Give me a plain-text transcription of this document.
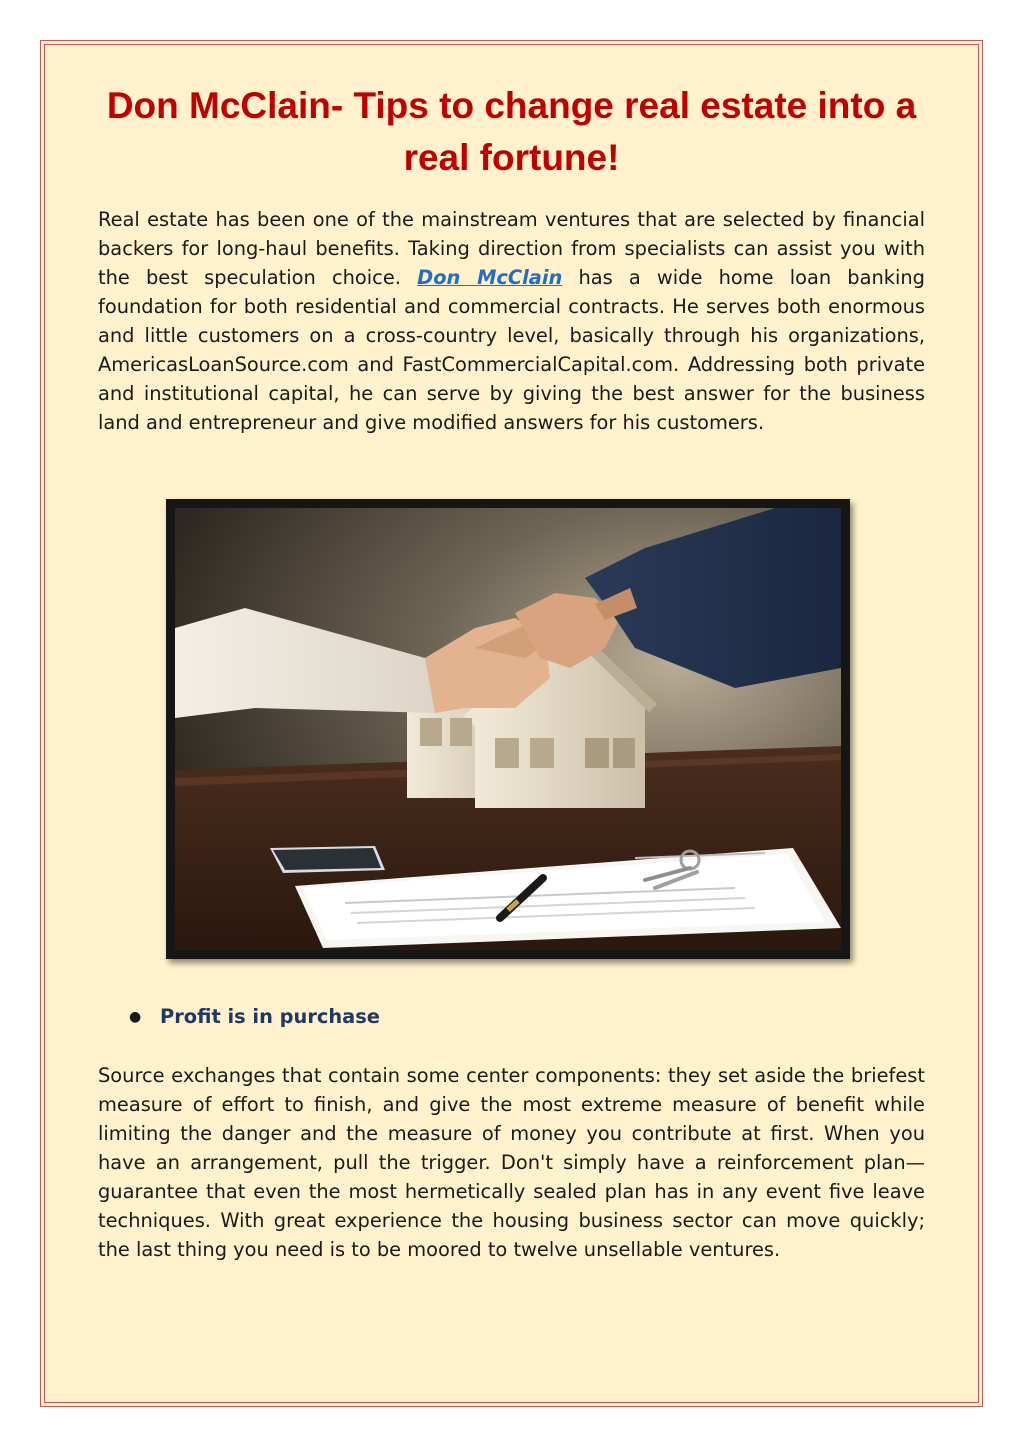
Don McClain- Tips to change real estate into a real fortune!

Real estate has been one of the mainstream ventures that are selected by financial backers for long-haul benefits. Taking direction from specialists can assist you with the best speculation choice. Don McClain has a wide home loan banking foundation for both residential and commercial contracts. He serves both enormous and little customers on a cross-country level, basically through his organizations, AmericasLoanSource.com and FastCommercialCapital.com. Addressing both private and institutional capital, he can serve by giving the best answer for the business land and entrepreneur and give modified answers for his customers.

● Profit is in purchase

Source exchanges that contain some center components: they set aside the briefest measure of effort to finish, and give the most extreme measure of benefit while limiting the danger and the measure of money you contribute at first. When you have an arrangement, pull the trigger. Don't simply have a reinforcement plan—guarantee that even the most hermetically sealed plan has in any event five leave techniques. With great experience the housing business sector can move quickly; the last thing you need is to be moored to twelve unsellable ventures.
